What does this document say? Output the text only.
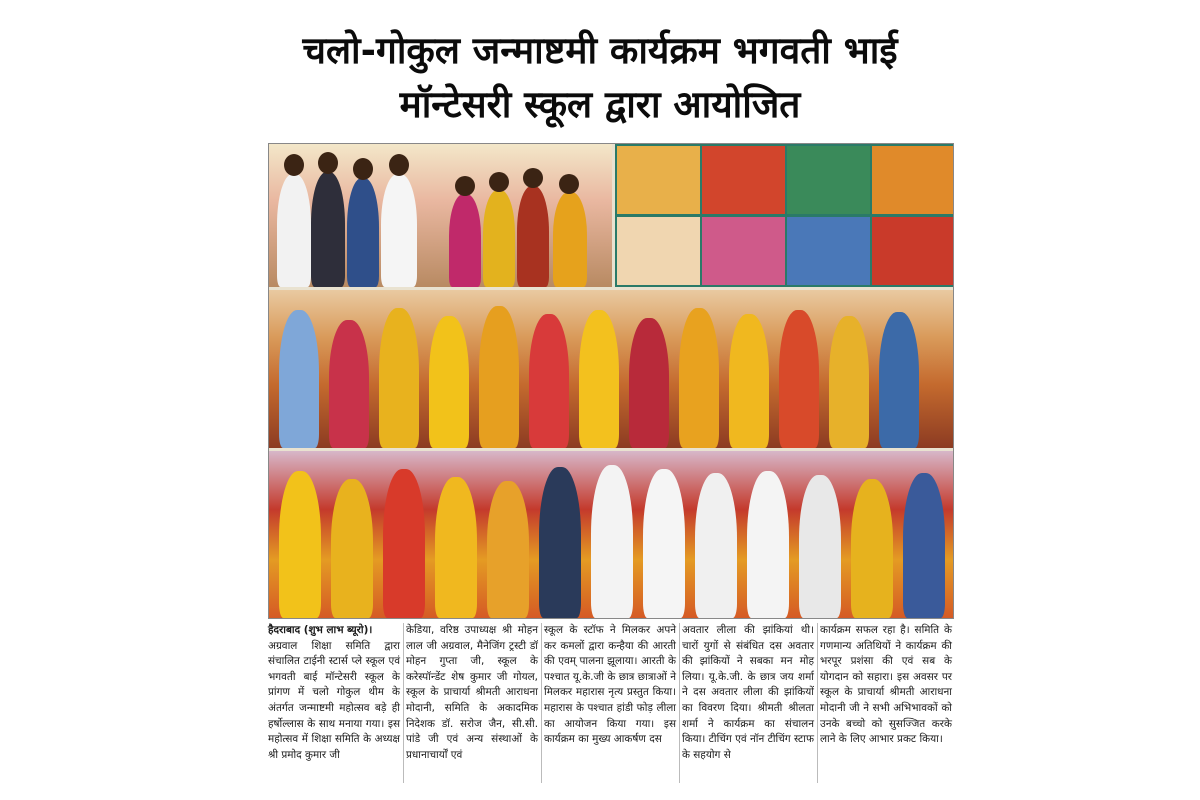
चलो-गोकुल जन्माष्टमी कार्यक्रम भगवती भाई
मॉन्टेसरी स्कूल द्वारा आयोजित
हैदराबाद (शुभ लाभ ब्यूरो)।
अग्रवाल शिक्षा समिति द्वारा संचालित टाईनी स्टार्स प्ले स्कूल एवं भगवती बाई मॉन्टेसरी स्कूल के प्रांगण में चलो गोकुल थीम के अंतर्गत जन्माष्टमी महोत्सव बड़े ही हर्षोल्लास के साथ मनाया गया। इस महोत्सव में शिक्षा समिति के अध्यक्ष श्री प्रमोद कुमार जी
केडिया, वरिष्ठ उपाध्यक्ष श्री मोहन लाल जी अग्रवाल, मैनेजिंग ट्रस्टी डॉ मोहन गुप्ता जी, स्कूल के करेस्पॉन्डेंट शेष कुमार जी गोयल, स्कूल के प्राचार्या श्रीमती आराधना मोदानी, समिति के अकादमिक निदेशक डॉ. सरोज जैन, सी.सी. पांडे जी एवं अन्य संस्थाओं के प्रधानाचार्यों एवं
स्कूल के स्टॉफ ने मिलकर अपने कर कमलों द्वारा कन्हैया की आरती की एवम् पालना झूलाया। आरती के पश्चात यू.के.जी के छात्र छात्राओं ने मिलकर महारास नृत्य प्रस्तुत किया। महारास के पश्चात हांडी फोड़ लीला का आयोजन किया गया। इस कार्यक्रम का मुख्य आकर्षण दस
अवतार लीला की झांकियां थी। चारों युगों से संबंधित दस अवतार की झांकियों ने सबका मन मोह लिया। यू.के.जी. के छात्र जय शर्मा ने दस अवतार लीला की झांकियों का विवरण दिया। श्रीमती श्रीलता शर्मा ने कार्यक्रम का संचालन किया। टीचिंग एवं नॉन टीचिंग स्टाफ के सहयोग से
कार्यक्रम सफल रहा है। समिति के गणमान्य अतिथियों ने कार्यक्रम की भरपूर प्रशंसा की एवं सब के योगदान को सहारा। इस अवसर पर स्कूल के प्राचार्या श्रीमती आराधना मोदानी जी ने सभी अभिभावकों को उनके बच्चो को सुसज्जित करके लाने के लिए आभार प्रकट किया।
